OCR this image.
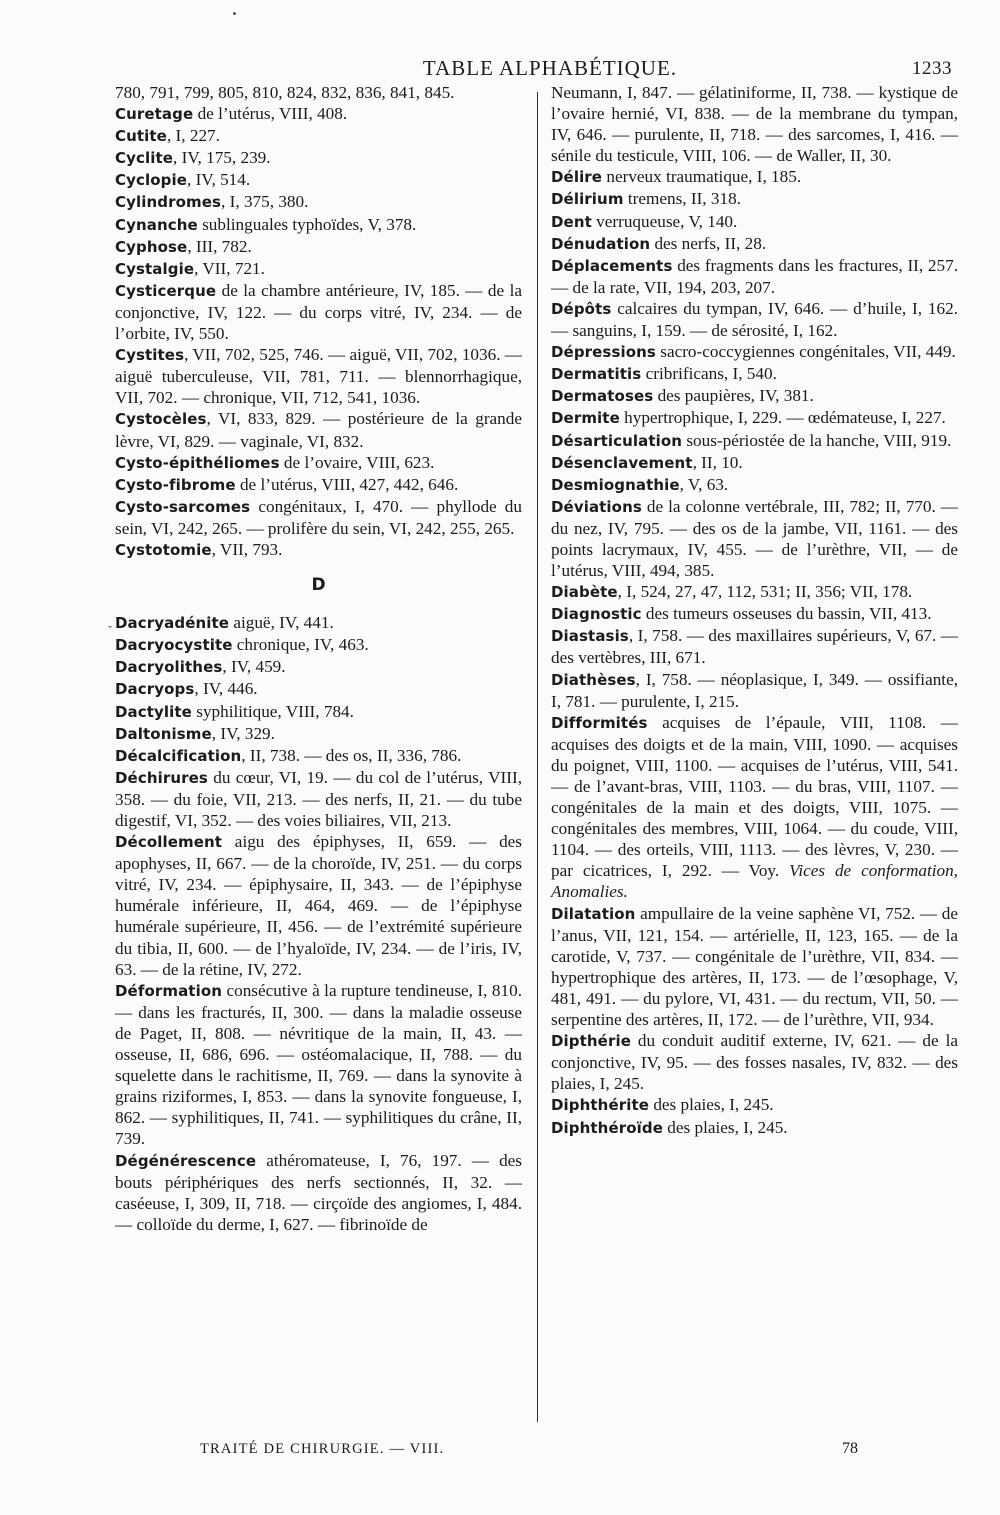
TABLE ALPHABÉTIQUE.	1233
780, 791, 799, 805, 810, 824, 832, 836, 841, 845.
Curetage de l’utérus, VIII, 408.
Cutite, I, 227.
Cyclite, IV, 175, 239.
Cyclopie, IV, 514.
Cylindromes, I, 375, 380.
Cynanche sublinguales typhoïdes, V, 378.
Cyphose, III, 782.
Cystalgie, VII, 721.
Cysticerque de la chambre antérieure, IV, 185. — de la conjonctive, IV, 122. — du corps vitré, IV, 234. — de l’orbite, IV, 550.
Cystites, VII, 702, 525, 746. — aiguë, VII, 702, 1036. — aiguë tuberculeuse, VII, 781, 711. — blennorrhagique, VII, 702. — chronique, VII, 712, 541, 1036.
Cystocèles, VI, 833, 829. — postérieure de la grande lèvre, VI, 829. — vaginale, VI, 832.
Cysto-épithéliomes de l’ovaire, VIII, 623.
Cysto-fibrome de l’utérus, VIII, 427, 442, 646.
Cysto-sarcomes congénitaux, I, 470. — phyllode du sein, VI, 242, 265. — prolifère du sein, VI, 242, 255, 265.
Cystotomie, VII, 793.
D
Dacryadénite aiguë, IV, 441.
Dacryocystite chronique, IV, 463.
Dacryolithes, IV, 459.
Dacryops, IV, 446.
Dactylite syphilitique, VIII, 784.
Daltonisme, IV, 329.
Décalcification, II, 738. — des os, II, 336, 786.
Déchirures du cœur, VI, 19. — du col de l’utérus, VIII, 358. — du foie, VII, 213. — des nerfs, II, 21. — du tube digestif, VI, 352. — des voies biliaires, VII, 213.
Décollement aigu des épiphyses, II, 659. — des apophyses, II, 667. — de la choroïde, IV, 251. — du corps vitré, IV, 234. — épiphysaire, II, 343. — de l’épiphyse humérale inférieure, II, 464, 469. — de l’épiphyse humérale supérieure, II, 456. — de l’extrémité supérieure du tibia, II, 600. — de l’hyaloïde, IV, 234. — de l’iris, IV, 63. — de la rétine, IV, 272.
Déformation consécutive à la rupture tendineuse, I, 810. — dans les fracturés, II, 300. — dans la maladie osseuse de Paget, II, 808. — névritique de la main, II, 43. — osseuse, II, 686, 696. — ostéomalacique, II, 788. — du squelette dans le rachitisme, II, 769. — dans la synovite à grains riziformes, I, 853. — dans la synovite fongueuse, I, 862. — syphilitiques, II, 741. — syphilitiques du crâne, II, 739.
Dégénérescence athéromateuse, I, 76, 197. — des bouts périphériques des nerfs sectionnés, II, 32. — caséeuse, I, 309, II, 718. — cirçoïde des angiomes, I, 484. — colloïde du derme, I, 627. — fibrinoïde de
Neumann, I, 847. — gélatiniforme, II, 738. — kystique de l’ovaire hernié, VI, 838. — de la membrane du tympan, IV, 646. — purulente, II, 718. — des sarcomes, I, 416. — sénile du testicule, VIII, 106. — de Waller, II, 30.
Délire nerveux traumatique, I, 185.
Délirium tremens, II, 318.
Dent verruqueuse, V, 140.
Dénudation des nerfs, II, 28.
Déplacements des fragments dans les fractures, II, 257. — de la rate, VII, 194, 203, 207.
Dépôts calcaires du tympan, IV, 646. — d’huile, I, 162. — sanguins, I, 159. — de sérosité, I, 162.
Dépressions sacro-coccygiennes congénitales, VII, 449.
Dermatitis cribrificans, I, 540.
Dermatoses des paupières, IV, 381.
Dermite hypertrophique, I, 229. — œdémateuse, I, 227.
Désarticulation sous-périostée de la hanche, VIII, 919.
Désenclavement, II, 10.
Desmiognathie, V, 63.
Déviations de la colonne vertébrale, III, 782; II, 770. — du nez, IV, 795. — des os de la jambe, VII, 1161. — des points lacrymaux, IV, 455. — de l’urèthre, VII, — de l’utérus, VIII, 494, 385.
Diabète, I, 524, 27, 47, 112, 531; II, 356; VII, 178.
Diagnostic des tumeurs osseuses du bassin, VII, 413.
Diastasis, I, 758. — des maxillaires supérieurs, V, 67. — des vertèbres, III, 671.
Diathèses, I, 758. — néoplasique, I, 349. — ossifiante, I, 781. — purulente, I, 215.
Difformités acquises de l’épaule, VIII, 1108. — acquises des doigts et de la main, VIII, 1090. — acquises du poignet, VIII, 1100. — acquises de l’utérus, VIII, 541. — de l’avant-bras, VIII, 1103. — du bras, VIII, 1107. — congénitales de la main et des doigts, VIII, 1075. — congénitales des membres, VIII, 1064. — du coude, VIII, 1104. — des orteils, VIII, 1113. — des lèvres, V, 230. — par cicatrices, I, 292. — Voy. Vices de conformation, Anomalies.
Dilatation ampullaire de la veine saphène VI, 752. — de l’anus, VII, 121, 154. — artérielle, II, 123, 165. — de la carotide, V, 737. — congénitale de l’urèthre, VII, 834. — hypertrophique des artères, II, 173. — de l’œsophage, V, 481, 491. — du pylore, VI, 431. — du rectum, VII, 50. — serpentine des artères, II, 172. — de l’urèthre, VII, 934.
Dipthérie du conduit auditif externe, IV, 621. — de la conjonctive, IV, 95. — des fosses nasales, IV, 832. — des plaies, I, 245.
Diphthérite des plaies, I, 245.
Diphthéroïde des plaies, I, 245.
ˇ
TRAITÉ DE CHIRURGIE. — VIII.	78
